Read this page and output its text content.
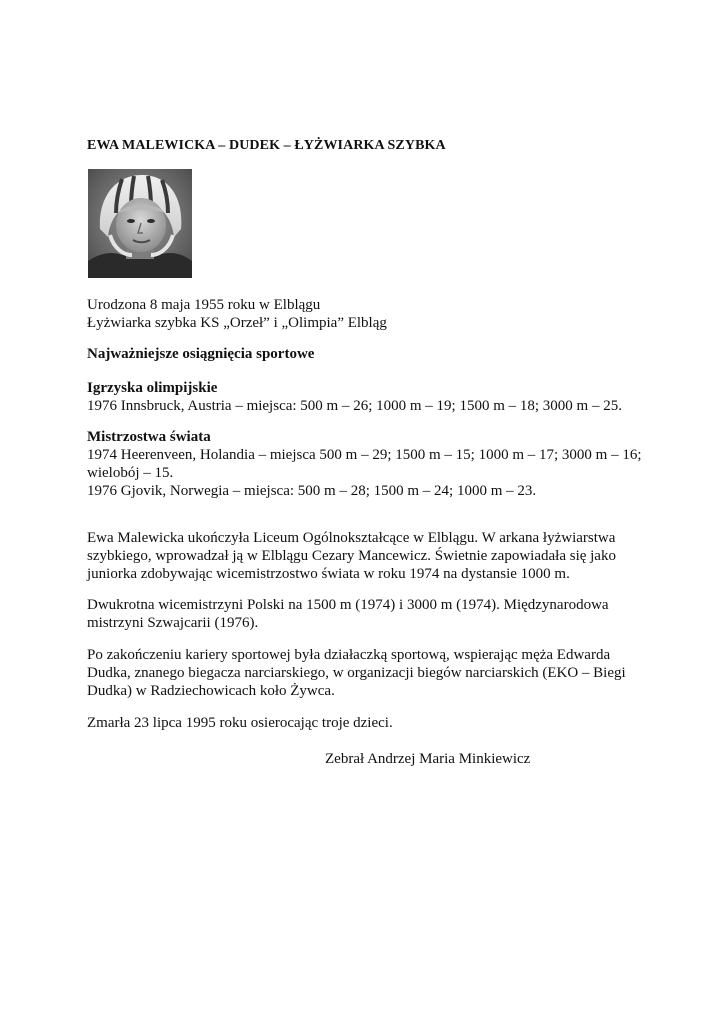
EWA MALEWICKA – DUDEK – ŁYŻWIARKA SZYBKA
Urodzona 8 maja 1955 roku w Elblągu
Łyżwiarka szybka KS „Orzeł” i „Olimpia” Elbląg
Najważniejsze osiągnięcia sportowe
Igrzyska olimpijskie
1976 Innsbruck, Austria – miejsca: 500 m – 26; 1000 m – 19; 1500 m – 18; 3000 m – 25.
Mistrzostwa świata
1974 Heerenveen, Holandia – miejsca 500 m – 29; 1500 m – 15; 1000 m – 17; 3000 m – 16;
wielobój – 15.
1976 Gjovik, Norwegia – miejsca: 500 m – 28; 1500 m – 24; 1000 m – 23.
Ewa Malewicka ukończyła Liceum Ogólnokształcące w Elblągu. W arkana łyżwiarstwa
szybkiego, wprowadzał ją w Elblągu Cezary Mancewicz. Świetnie zapowiadała się jako
juniorka zdobywając wicemistrzostwo świata w roku 1974 na dystansie 1000 m.
Dwukrotna wicemistrzyni Polski na 1500 m (1974) i 3000 m (1974). Międzynarodowa
mistrzyni Szwajcarii (1976).
Po zakończeniu kariery sportowej była działaczką sportową, wspierając męża Edwarda
Dudka, znanego biegacza narciarskiego, w organizacji biegów narciarskich (EKO – Biegi
Dudka) w Radziechowicach koło Żywca.
Zmarła 23 lipca 1995 roku osierocając troje dzieci.
Zebrał Andrzej Maria Minkiewicz
